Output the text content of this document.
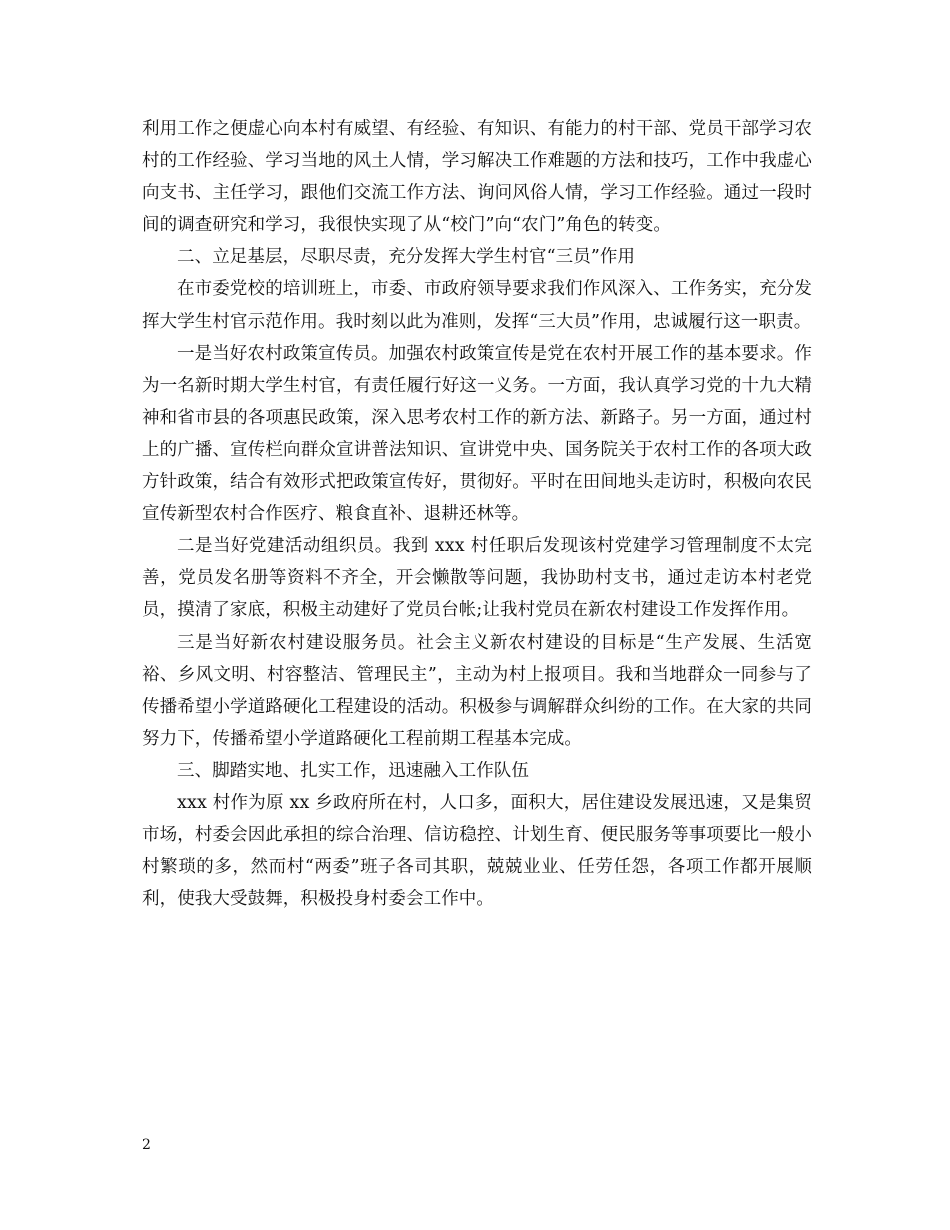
利用工作之便虚心向本村有威望、有经验、有知识、有能力的村干部、党员干部学习农村的工作经验、学习当地的风土人情，学习解决工作难题的方法和技巧，工作中我虚心向支书、主任学习，跟他们交流工作方法、询问风俗人情，学习工作经验。通过一段时间的调查研究和学习，我很快实现了从“校门”向“农门”角色的转变。

二、立足基层，尽职尽责，充分发挥大学生村官“三员”作用

在市委党校的培训班上，市委、市政府领导要求我们作风深入、工作务实，充分发挥大学生村官示范作用。我时刻以此为准则，发挥“三大员”作用，忠诚履行这一职责。

一是当好农村政策宣传员。加强农村政策宣传是党在农村开展工作的基本要求。作为一名新时期大学生村官，有责任履行好这一义务。一方面，我认真学习党的十九大精神和省市县的各项惠民政策，深入思考农村工作的新方法、新路子。另一方面，通过村上的广播、宣传栏向群众宣讲普法知识、宣讲党中央、国务院关于农村工作的各项大政方针政策，结合有效形式把政策宣传好，贯彻好。平时在田间地头走访时，积极向农民宣传新型农村合作医疗、粮食直补、退耕还林等。

二是当好党建活动组织员。我到 xxx 村任职后发现该村党建学习管理制度不太完善，党员发名册等资料不齐全，开会懒散等问题，我协助村支书，通过走访本村老党员，摸清了家底，积极主动建好了党员台帐;让我村党员在新农村建设工作发挥作用。

三是当好新农村建设服务员。社会主义新农村建设的目标是“生产发展、生活宽裕、乡风文明、村容整洁、管理民主”，主动为村上报项目。我和当地群众一同参与了传播希望小学道路硬化工程建设的活动。积极参与调解群众纠纷的工作。在大家的共同努力下，传播希望小学道路硬化工程前期工程基本完成。

三、脚踏实地、扎实工作，迅速融入工作队伍

xxx 村作为原 xx 乡政府所在村，人口多，面积大，居住建设发展迅速，又是集贸市场，村委会因此承担的综合治理、信访稳控、计划生育、便民服务等事项要比一般小村繁琐的多，然而村“两委”班子各司其职，兢兢业业、任劳任怨，各项工作都开展顺利，使我大受鼓舞，积极投身村委会工作中。

2
